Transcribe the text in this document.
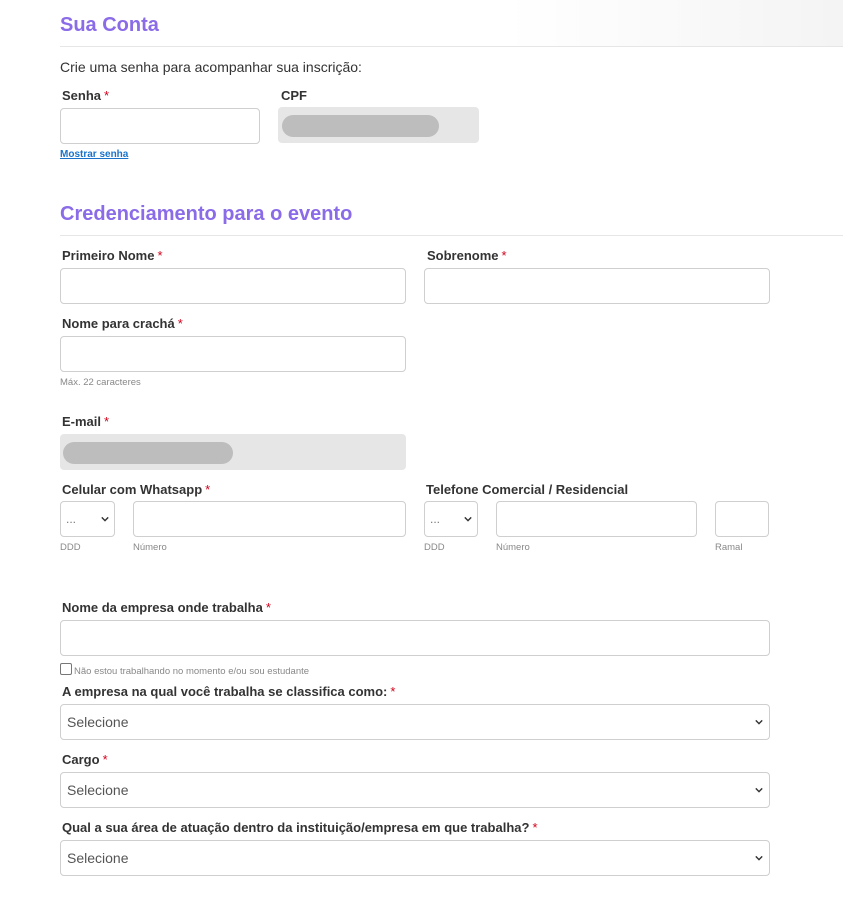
Sua Conta
Crie uma senha para acompanhar sua inscrição:
Senha *
Mostrar senha
CPF
Credenciamento para o evento
Primeiro Nome *	Sobrenome *
Nome para crachá *
Máx. 22 caracteres
E-mail *
Celular com Whatsapp *
...
DDD	Número
Telefone Comercial / Residencial
...
DDD	Número	Ramal
Nome da empresa onde trabalha *
Não estou trabalhando no momento e/ou sou estudante
A empresa na qual você trabalha se classifica como: *
Selecione
Cargo *
Selecione
Qual a sua área de atuação dentro da instituição/empresa em que trabalha? *
Selecione
